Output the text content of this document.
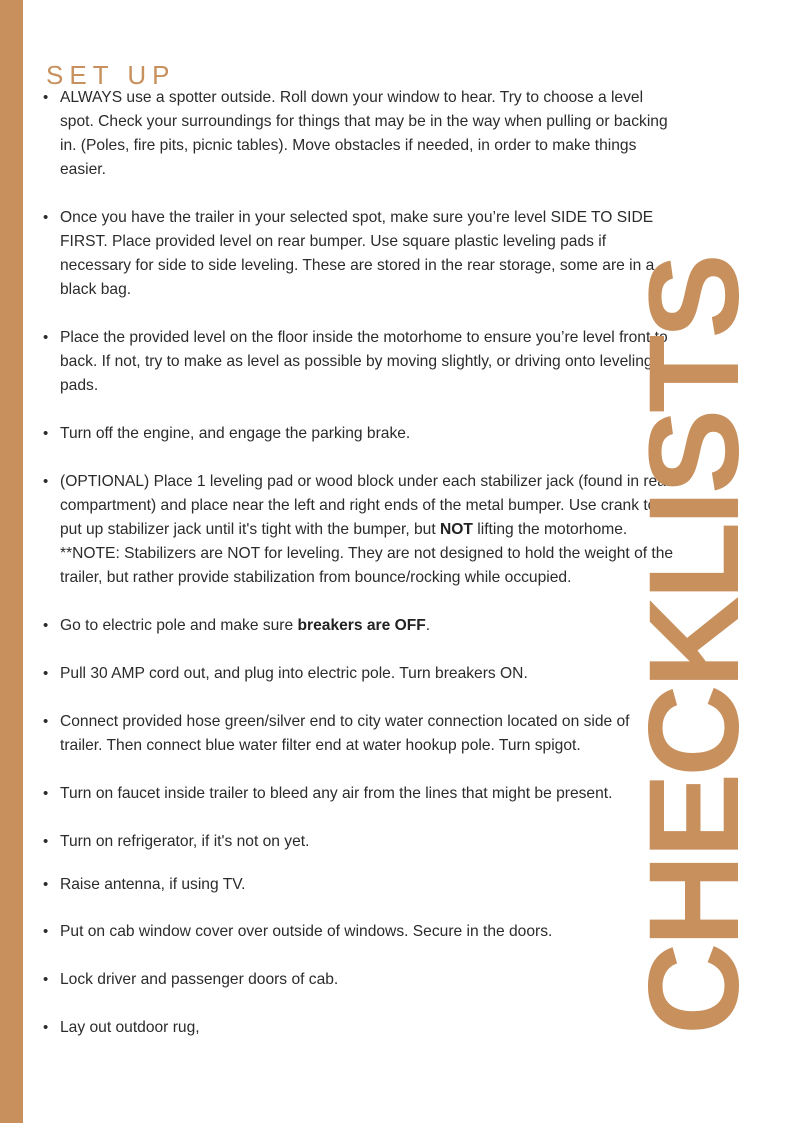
SET UP
• ALWAYS use a spotter outside. Roll down your window to hear. Try to choose a level spot. Check your surroundings for things that may be in the way when pulling or backing in. (Poles, fire pits, picnic tables). Move obstacles if needed, in order to make things easier.
• Once you have the trailer in your selected spot, make sure you’re level SIDE TO SIDE FIRST. Place provided level on rear bumper. Use square plastic leveling pads if necessary for side to side leveling. These are stored in the rear storage, some are in a black bag.
• Place the provided level on the floor inside the motorhome to ensure you’re level front to back. If not, try to make as level as possible by moving slightly, or driving onto leveling pads.
• Turn off the engine, and engage the parking brake.
• (OPTIONAL) Place 1 leveling pad or wood block under each stabilizer jack (found in rear compartment) and place near the left and right ends of the metal bumper. Use crank to put up stabilizer jack until it's tight with the bumper, but NOT lifting the motorhome. **NOTE: Stabilizers are NOT for leveling. They are not designed to hold the weight of the trailer, but rather provide stabilization from bounce/rocking while occupied.
• Go to electric pole and make sure breakers are OFF.
• Pull 30 AMP cord out, and plug into electric pole. Turn breakers ON.
• Connect provided hose green/silver end to city water connection located on side of trailer. Then connect blue water filter end at water hookup pole. Turn spigot.
• Turn on faucet inside trailer to bleed any air from the lines that might be present.
• Turn on refrigerator, if it's not on yet.
• Raise antenna, if using TV.
• Put on cab window cover over outside of windows. Secure in the doors.
• Lock driver and passenger doors of cab.
• Lay out outdoor rug,	CHECKLISTS
